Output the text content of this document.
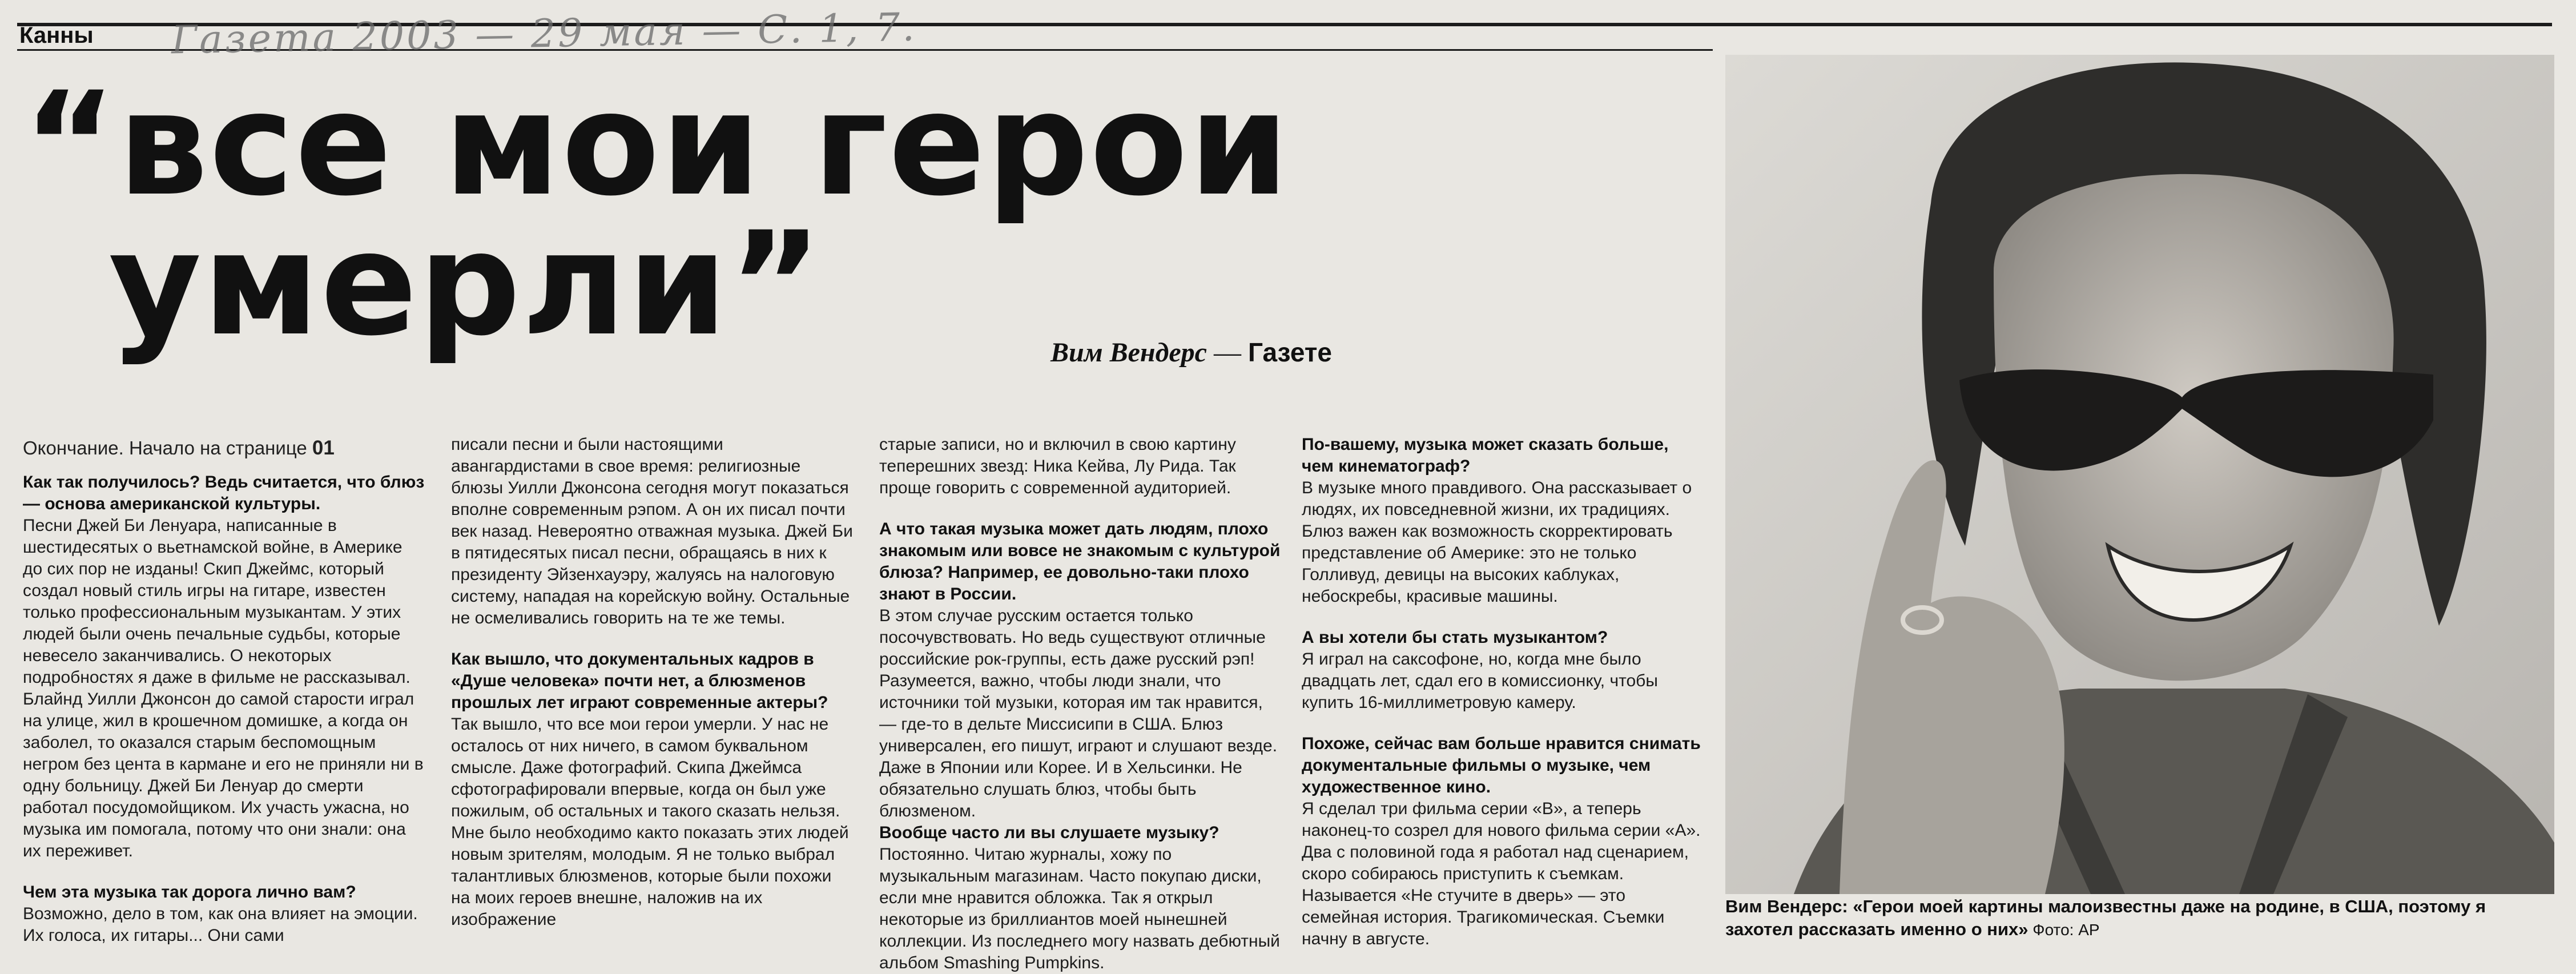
Канны Газета 2003 — 29 мая — С. 1, 7.
“все мои герои
умерли”	Вим Вендерс — Газете
Окончание. Начало на странице 01

Как так получилось? Ведь считается, что блюз — основа американской культуры.

Песни Джей Би Ленуара, написанные в шестидесятых о вьетнамской войне, в Америке до сих пор не изданы! Скип Джеймс, который создал новый стиль игры на гитаре, известен только профессиональным музыкантам. У этих людей были очень печальные судьбы, которые невесело заканчивались. О некоторых подробностях я даже в фильме не рассказывал. Блайнд Уилли Джонсон до самой старости играл на улице, жил в крошечном домишке, а когда он заболел, то оказался старым беспомощным негром без цента в кармане и его не приняли ни в одну больницу. Джей Би Ленуар до смерти работал посудомойщиком. Их участь ужасна, но музыка им помогала, потому что они знали: она их переживет.

Чем эта музыка так дорога лично вам?

Возможно, дело в том, как она влияет на эмоции. Их голоса, их гитары... Они сами

писали песни и были настоящими авангардистами в свое время: религиозные блюзы Уилли Джонсона сегодня могут показаться вполне современным рэпом. А он их писал почти век назад. Невероятно отважная музыка. Джей Би в пятидесятых писал песни, обращаясь в них к президенту Эйзенхауэру, жалуясь на налоговую систему, нападая на корейскую войну. Остальные не осмеливались говорить на те же темы.

Как вышло, что документальных кадров в «Душе человека» почти нет, а блюзменов прошлых лет играют современные актеры?

Так вышло, что все мои герои умерли. У нас не осталось от них ничего, в самом буквальном смысле. Даже фотографий. Скипа Джеймса сфотографировали впервые, когда он был уже пожилым, об остальных и такого сказать нельзя. Мне было необходимо както показать этих людей новым зрителям, молодым. Я не только выбрал талантливых блюзменов, которые были похожи на моих героев внешне, наложив на их изображение

старые записи, но и включил в свою картину теперешних звезд: Ника Кейва, Лу Рида. Так проще говорить с современной аудиторией.

А что такая музыка может дать людям, плохо знакомым или вовсе не знакомым с культурой блюза? Например, ее довольно-таки плохо знают в России.

В этом случае русским остается только посочувствовать. Но ведь существуют отличные российские рок-группы, есть даже русский рэп! Разумеется, важно, чтобы люди знали, что источники той музыки, которая им так нравится, — где-то в дельте Миссисипи в США. Блюз универсален, его пишут, играют и слушают везде. Даже в Японии или Корее. И в Хельсинки. Не обязательно слушать блюз, чтобы быть блюзменом.

Вообще часто ли вы слушаете музыку?

Постоянно. Читаю журналы, хожу по музыкальным магазинам. Часто покупаю диски, если мне нравится обложка. Так я открыл некоторые из бриллиантов моей нынешней коллекции. Из последнего могу назвать дебютный альбом Smashing Pumpkins.

По-вашему, музыка может сказать больше, чем кинематограф?

В музыке много правдивого. Она рассказывает о людях, их повседневной жизни, их традициях. Блюз важен как возможность скорректировать представление об Америке: это не только Голливуд, девицы на высоких каблуках, небоскребы, красивые машины.

А вы хотели бы стать музыкантом?

Я играл на саксофоне, но, когда мне было двадцать лет, сдал его в комиссионку, чтобы купить 16-миллиметровую камеру.

Похоже, сейчас вам больше нравится снимать документальные фильмы о музыке, чем художественное кино.

Я сделал три фильма серии «В», а теперь наконец-то созрел для нового фильма серии «А». Два с половиной года я работал над сценарием, скоро собираюсь приступить к съемкам. Называется «Не стучите в дверь» — это семейная история. Трагикомическая. Съемки начну в августе.

Вим Вендерс: «Герои моей картины малоизвестны даже на родине, в США, поэтому я захотел рассказать именно о них» Фото: AP
